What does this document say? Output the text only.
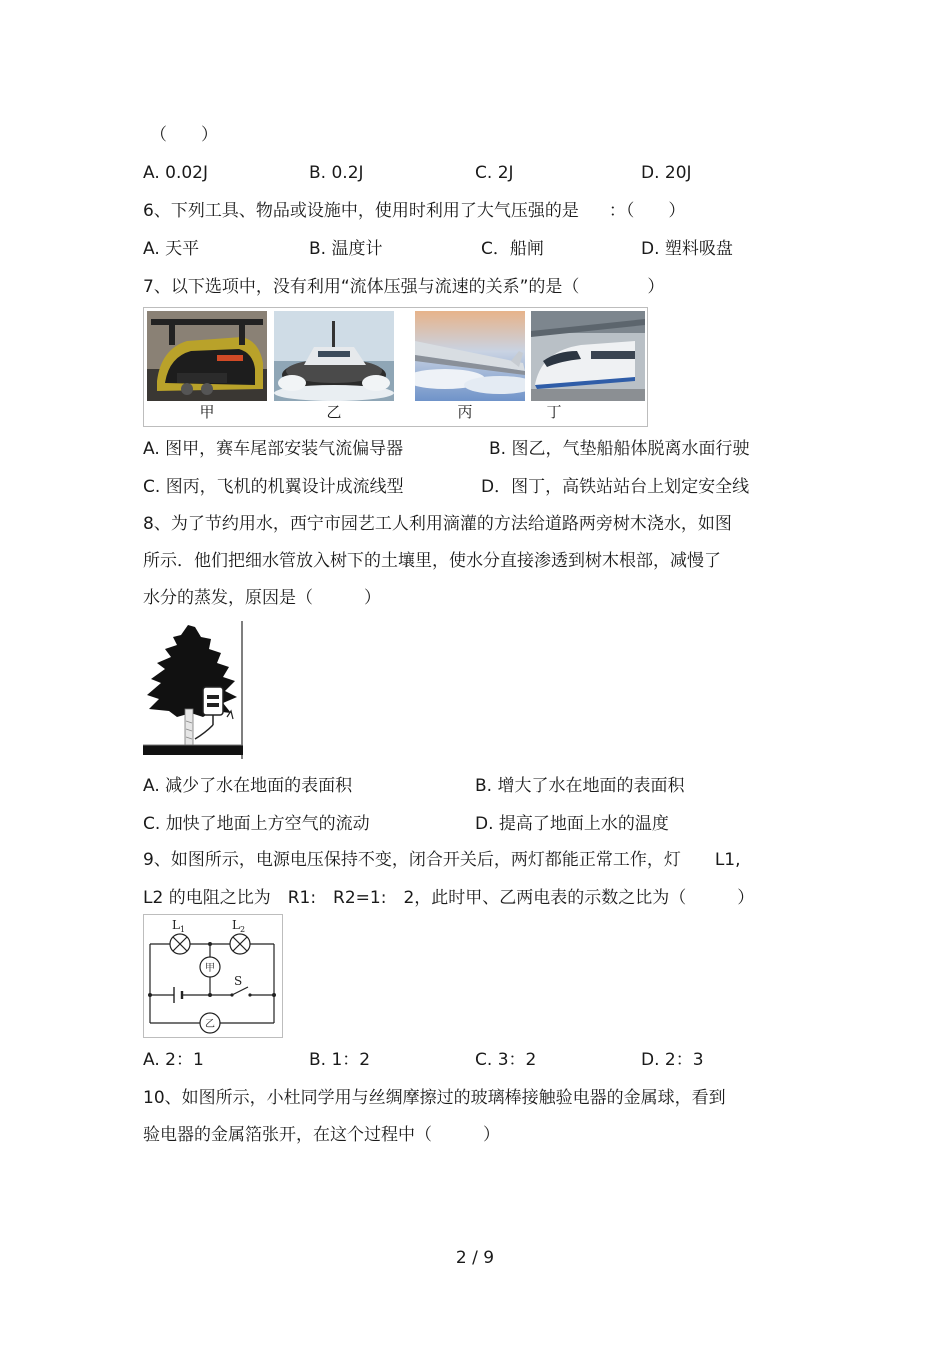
（　　）
A. 0.02J	B. 0.2J	C. 2J	D. 20J
6、下列工具、物品或设施中，使用时利用了大气压强的是 ：（　　）
A. 天平	B. 温度计	C．船闸	D. 塑料吸盘
7、以下选项中，没有利用“流体压强与流速的关系”的是（　　　　）
甲	乙	丙	丁
A. 图甲，赛车尾部安装气流偏导器	B. 图乙，气垫船船体脱离水面行驶
C. 图丙，飞机的机翼设计成流线型	D．图丁，高铁站站台上划定安全线
8、为了节约用水，西宁市园艺工人利用滴灌的方法给道路两旁树木浇水，如图
所示．他们把细水管放入树下的土壤里，使水分直接渗透到树木根部，减慢了
水分的蒸发，原因是（　　　）
A. 减少了水在地面的表面积	B. 增大了水在地面的表面积
C. 加快了地面上方空气的流动	D. 提高了地面上水的温度
9、如图所示，电源电压保持不变，闭合开关后，两灯都能正常工作，灯 L1,
L2 的电阻之比为　R1:　R2=1:　2，此时甲、乙两电表的示数之比为（　　　）
$L_1$	$L_2$
S
甲
乙
A. 2：1	B. 1：2	C. 3：2	D. 2：3
10、如图所示，小杜同学用与丝绸摩擦过的玻璃棒接触验电器的金属球，看到
验电器的金属箔张开，在这个过程中（　　　）
2 / 9
